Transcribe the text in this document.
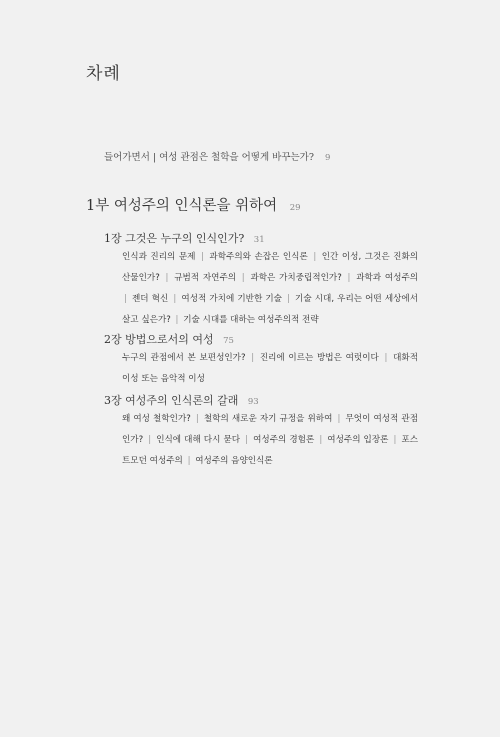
차례
들어가면서 | 여성 관점은 철학을 어떻게 바꾸는가? 9
1부 여성주의 인식론을 위하여 29
1장 그것은 누구의 인식인가? 31
인식과 진리의 문제 | 과학주의와 손잡은 인식론 | 인간 이성, 그것은 진화의 산물인가? | 규범적 자연주의 | 과학은 가치중립적인가? | 과학과 여성주의 | 젠더 혁신 | 여성적 가치에 기반한 기술 | 기술 시대, 우리는 어떤 세상에서 살고 싶은가? | 기술 시대를 대하는 여성주의적 전략
2장 방법으로서의 여성 75
누구의 관점에서 본 보편성인가? | 진리에 이르는 방법은 여럿이다 | 대화적 이성 또는 음악적 이성
3장 여성주의 인식론의 갈래 93
왜 여성 철학인가? | 철학의 새로운 자기 규정을 위하여 | 무엇이 여성적 관점인가? | 인식에 대해 다시 묻다 | 여성주의 경험론 | 여성주의 입장론 | 포스트모던 여성주의 | 여성주의 음양인식론
